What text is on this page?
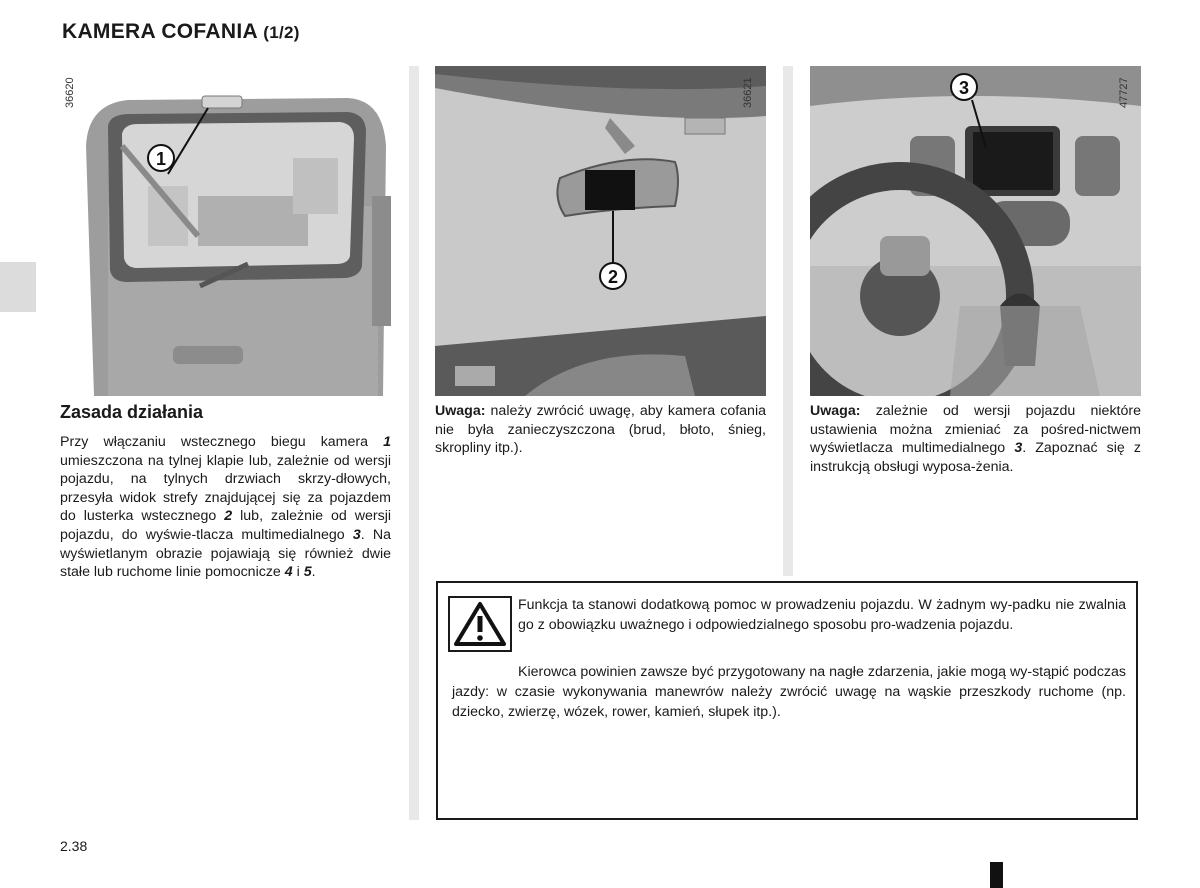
KAMERA COFANIA (1/2)
1
36620
2
36621	3	47727
Zasada działania
Przy włączaniu wstecznego biegu kamera 1 umieszczona na tylnej klapie lub, zależnie od wersji pojazdu, na tylnych drzwiach skrzy-dłowych, przesyła widok strefy znajdującej się za pojazdem do lusterka wstecznego 2 lub, zależnie od wersji pojazdu, do wyświe-tlacza multimedialnego 3. Na wyświetlanym obrazie pojawiają się również dwie stałe lub ruchome linie pomocnicze 4 i 5.
Uwaga: należy zwrócić uwagę, aby kamera cofania nie była zanieczyszczona (brud, błoto, śnieg, skropliny itp.).
Uwaga: zależnie od wersji pojazdu niektóre ustawienia można zmieniać za pośred-nictwem wyświetlacza multimedialnego 3. Zapoznać się z instrukcją obsługi wyposa-żenia.
Funkcja ta stanowi dodatkową pomoc w prowadzeniu pojazdu. W żadnym wy-padku nie zwalnia go z obowiązku uważnego i odpowiedzialnego sposobu pro-wadzenia pojazdu.
Kierowca powinien zawsze być przygotowany na nagłe zdarzenia, jakie mogą wy-stąpić podczas jazdy: w czasie wykonywania manewrów należy zwrócić uwagę na wąskie przeszkody ruchome (np. dziecko, zwierzę, wózek, rower, kamień, słupek itp.).
2.38
